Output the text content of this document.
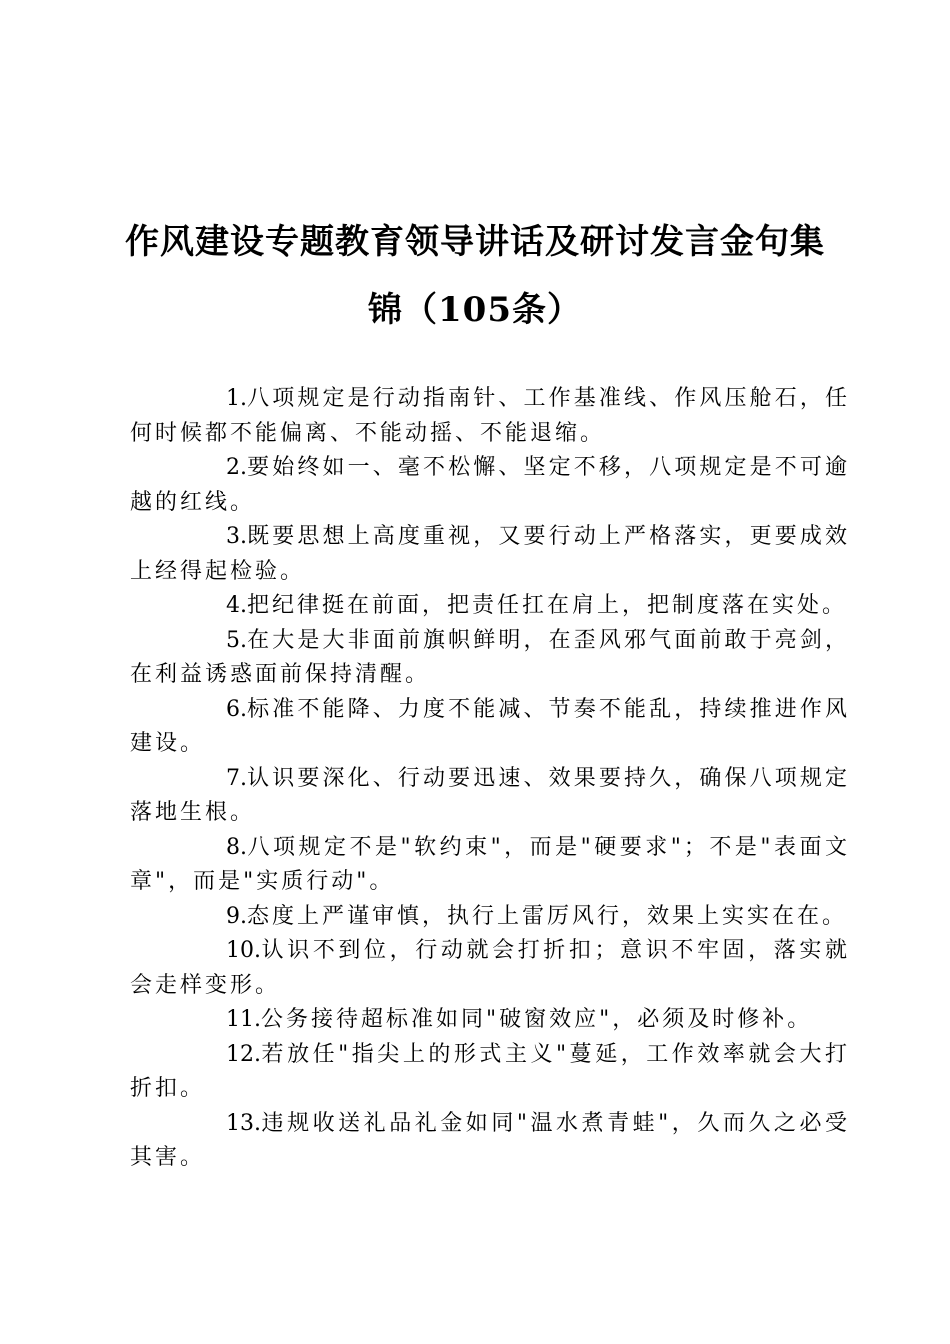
作风建设专题教育领导讲话及研讨发言金句集
锦（105条）

1.八项规定是行动指南针、工作基准线、作风压舱石，任何时候都不能偏离、不能动摇、不能退缩。

2.要始终如一、毫不松懈、坚定不移，八项规定是不可逾越的红线。

3.既要思想上高度重视，又要行动上严格落实，更要成效上经得起检验。

4.把纪律挺在前面，把责任扛在肩上，把制度落在实处。

5.在大是大非面前旗帜鲜明，在歪风邪气面前敢于亮剑，在利益诱惑面前保持清醒。

6.标准不能降、力度不能减、节奏不能乱，持续推进作风建设。

7.认识要深化、行动要迅速、效果要持久，确保八项规定落地生根。

8.八项规定不是"软约束"，而是"硬要求"；不是"表面文章"，而是"实质行动"。

9.态度上严谨审慎，执行上雷厉风行，效果上实实在在。

10.认识不到位，行动就会打折扣；意识不牢固，落实就会走样变形。

11.公务接待超标准如同"破窗效应"，必须及时修补。

12.若放任"指尖上的形式主义"蔓延，工作效率就会大打折扣。

13.违规收送礼品礼金如同"温水煮青蛙"，久而久之必受其害。
